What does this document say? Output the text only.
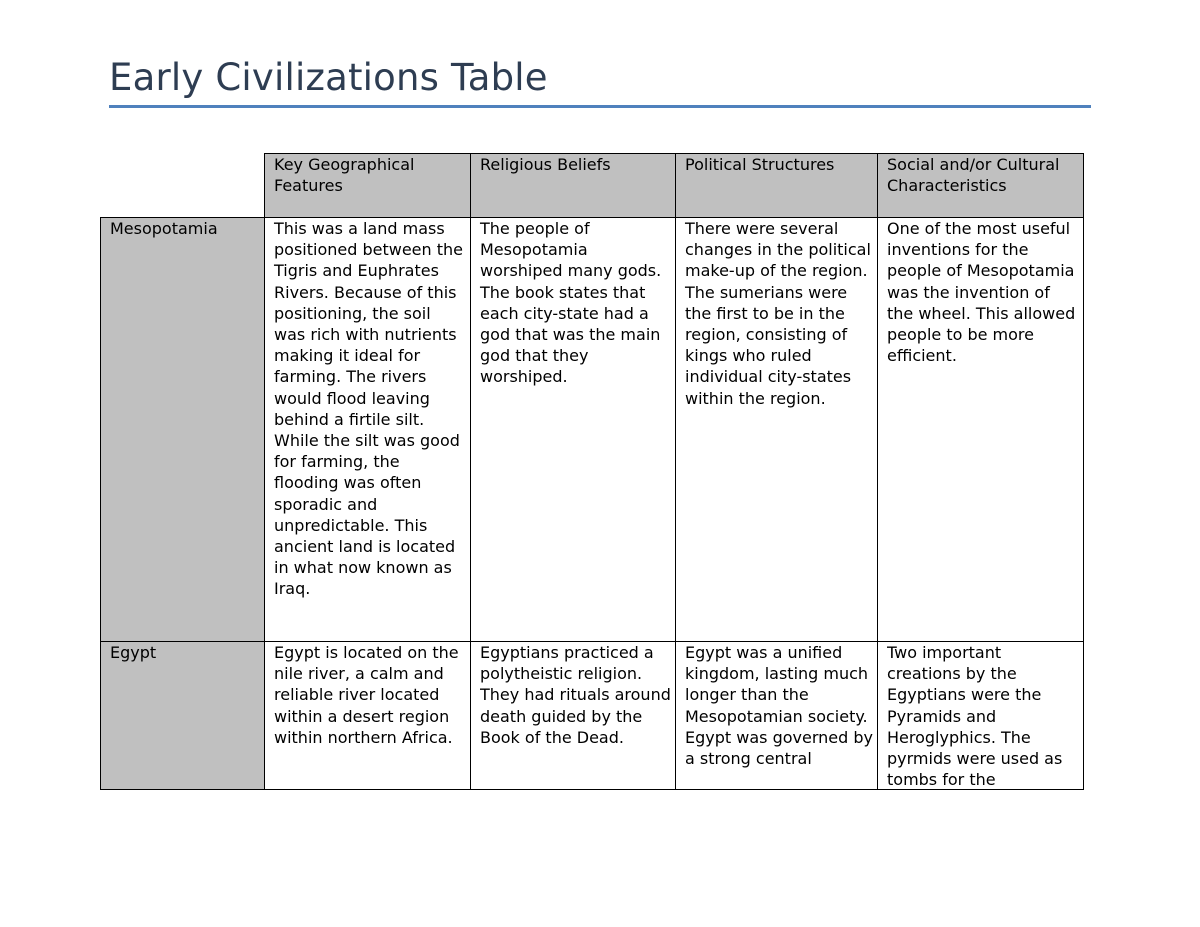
Early Civilizations Table
	Key Geographical Features	Religious Beliefs	Political Structures	Social and/or Cultural Characteristics
Mesopotamia	This was a land mass positioned between the Tigris and Euphrates Rivers. Because of this positioning, the soil was rich with nutrients making it ideal for farming. The rivers would flood leaving behind a firtile silt. While the silt was good for farming, the flooding was often sporadic and unpredictable. This ancient land is located in what now known as Iraq.	The people of Mesopotamia worshiped many gods. The book states that each city-state had a god that was the main god that they worshiped.	There were several changes in the political make-up of the region. The sumerians were the first to be in the region, consisting of kings who ruled individual city-states within the region.	One of the most useful inventions for the people of Mesopotamia was the invention of the wheel. This allowed people to be more efficient.

Egypt	Egypt is located on the nile river, a calm and reliable river located within a desert region within northern Africa.	Egyptians practiced a polytheistic religion. They had rituals around death guided by the Book of the Dead.	Egypt was a unified kingdom, lasting much longer than the Mesopotamian society. Egypt was governed by a strong central	Two important creations by the Egyptians were the Pyramids and Heroglyphics. The pyrmids were used as tombs for the
